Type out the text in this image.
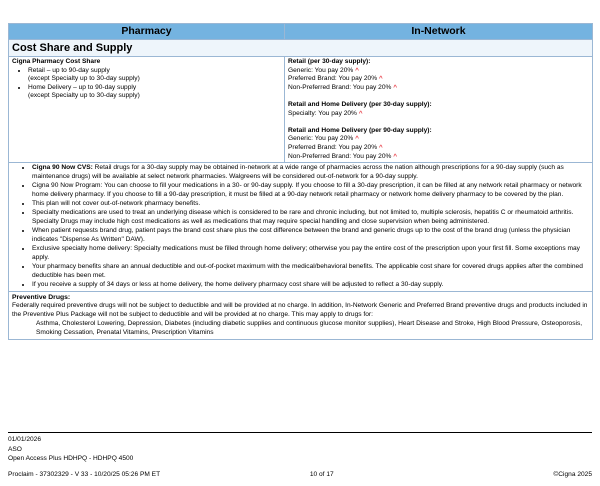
Pharmacy	In-Network
Cost Share and Supply	

Cigna Pharmacy Cost Share
• Retail – up to 90-day supply
(except Specialty up to 30-day supply)
• Home Delivery – up to 90-day supply
(except Specialty up to 30-day supply)

Retail (per 30-day supply):
Generic: You pay 20% ^
Preferred Brand: You pay 20% ^
Non-Preferred Brand: You pay 20% ^
Retail and Home Delivery (per 30-day supply):
Specialty: You pay 20% ^
Retail and Home Delivery (per 90-day supply):
Generic: You pay 20% ^
Preferred Brand: You pay 20% ^
Non-Preferred Brand: You pay 20% ^

• Cigna 90 Now CVS: Retail drugs for a 30-day supply may be obtained in-network at a wide range of pharmacies across the nation although prescriptions for a 90-day supply (such as maintenance drugs) will be available at select network pharmacies. Walgreens will be considered out-of-network for a 90-day supply.
• Cigna 90 Now Program: You can choose to fill your medications in a 30- or 90-day supply. If you choose to fill a 30-day prescription, it can be filled at any network retail pharmacy or network home delivery pharmacy. If you choose to fill a 90-day prescription, it must be filled at a 90-day network retail pharmacy or network home delivery pharmacy to be covered by the plan.
• This plan will not cover out-of-network pharmacy benefits.
• Specialty medications are used to treat an underlying disease which is considered to be rare and chronic including, but not limited to, multiple sclerosis, hepatitis C or rheumatoid arthritis. Specialty Drugs may include high cost medications as well as medications that may require special handling and close supervision when being administered.
• When patient requests brand drug, patient pays the brand cost share plus the cost difference between the brand and generic drugs up to the cost of the brand drug (unless the physician indicates "Dispense As Written" DAW).
• Exclusive specialty home delivery: Specialty medications must be filled through home delivery; otherwise you pay the entire cost of the prescription upon your first fill. Some exceptions may apply.
• Your pharmacy benefits share an annual deductible and out-of-pocket maximum with the medical/behavioral benefits. The applicable cost share for covered drugs applies after the combined deductible has been met.
• If you receive a supply of 34 days or less at home delivery, the home delivery pharmacy cost share will be adjusted to reflect a 30-day supply.

Preventive Drugs:
Federally required preventive drugs will not be subject to deductible and will be provided at no charge. In addition, In-Network Generic and Preferred Brand preventive drugs and products included in the Preventive Plus Package will not be subject to deductible and will be provided at no charge. This may apply to drugs for:
Asthma, Cholesterol Lowering, Depression, Diabetes (including diabetic supplies and continuous glucose monitor supplies), Heart Disease and Stroke, High Blood Pressure, Osteoporosis, Smoking Cessation, Prenatal Vitamins, Prescription Vitamins
01/01/2026
ASO
Open Access Plus HDHPQ - HDHPQ 4500
Proclaim - 37302329 - V 33 - 10/20/25 05:26 PM ET	10 of 17	©Cigna 2025
